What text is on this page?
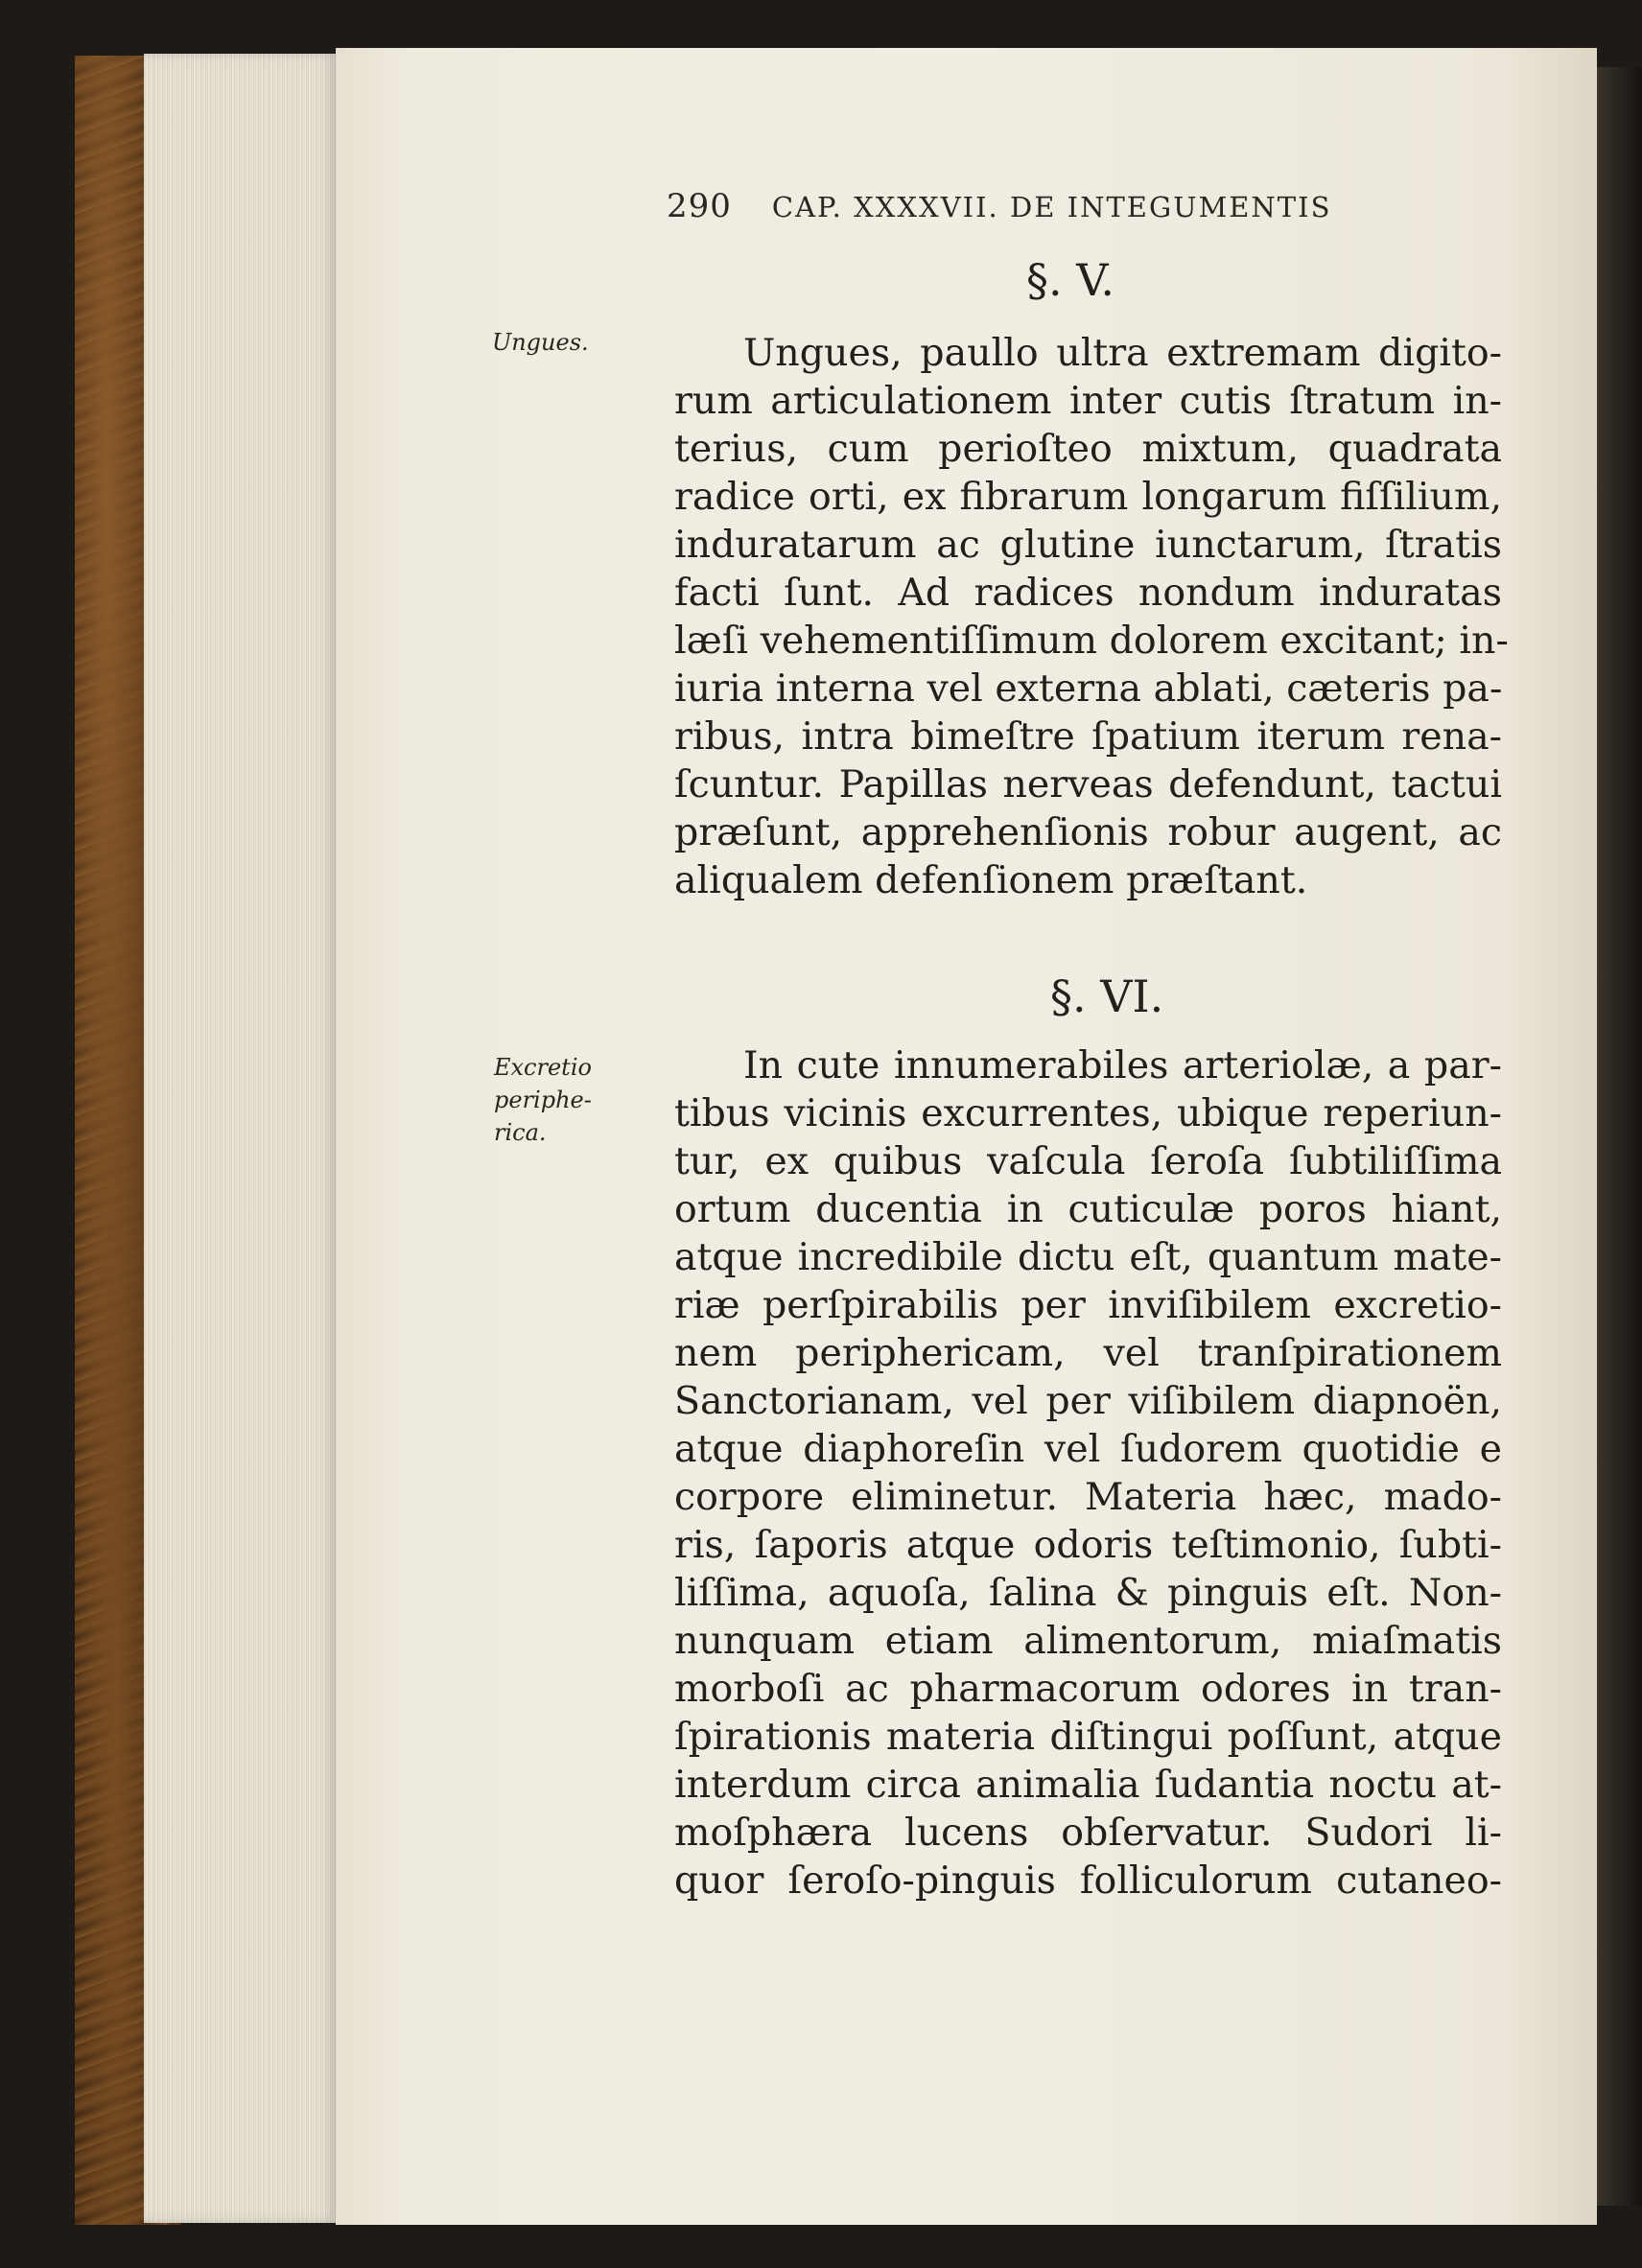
290 CAP. XXXXVII. DE INTEGUMENTIS
§. V.
Ungues.	Ungues, paullo ultra extremam digito-
rum articulationem inter cutis ſtratum in-
terius, cum perioſteo mixtum, quadrata
radice orti, ex fibrarum longarum fiſſilium,
induratarum ac glutine iunctarum, ſtratis
facti ſunt. Ad radices nondum induratas
læſi vehementiſſimum dolorem excitant; in-
iuria interna vel externa ablati, cæteris pa-
ribus, intra bimeſtre ſpatium iterum rena-
ſcuntur. Papillas nerveas defendunt, tactui
præſunt, apprehenſionis robur augent, ac
aliqualem defenſionem præſtant.
§. VI.
Excretio
periphe-
rica.
In cute innumerabiles arteriolæ, a par-
tibus vicinis excurrentes, ubique reperiun-
tur, ex quibus vaſcula ſeroſa ſubtiliſſima
ortum ducentia in cuticulæ poros hiant,
atque incredibile dictu eſt, quantum mate-
riæ perſpirabilis per inviſibilem excretio-
nem periphericam, vel tranſpirationem
Sanctorianam, vel per viſibilem diapnoën,
atque diaphoreſin vel ſudorem quotidie e
corpore eliminetur. Materia hæc, mado-
ris, ſaporis atque odoris teſtimonio, ſubti-
liſſima, aquoſa, ſalina & pinguis eſt. Non-
nunquam etiam alimentorum, miaſmatis
morboſi ac pharmacorum odores in tran-
ſpirationis materia diſtingui poſſunt, atque
interdum circa animalia ſudantia noctu at-
moſphæra lucens obſervatur. Sudori li-
quor ſeroſo-pinguis folliculorum cutaneo-
